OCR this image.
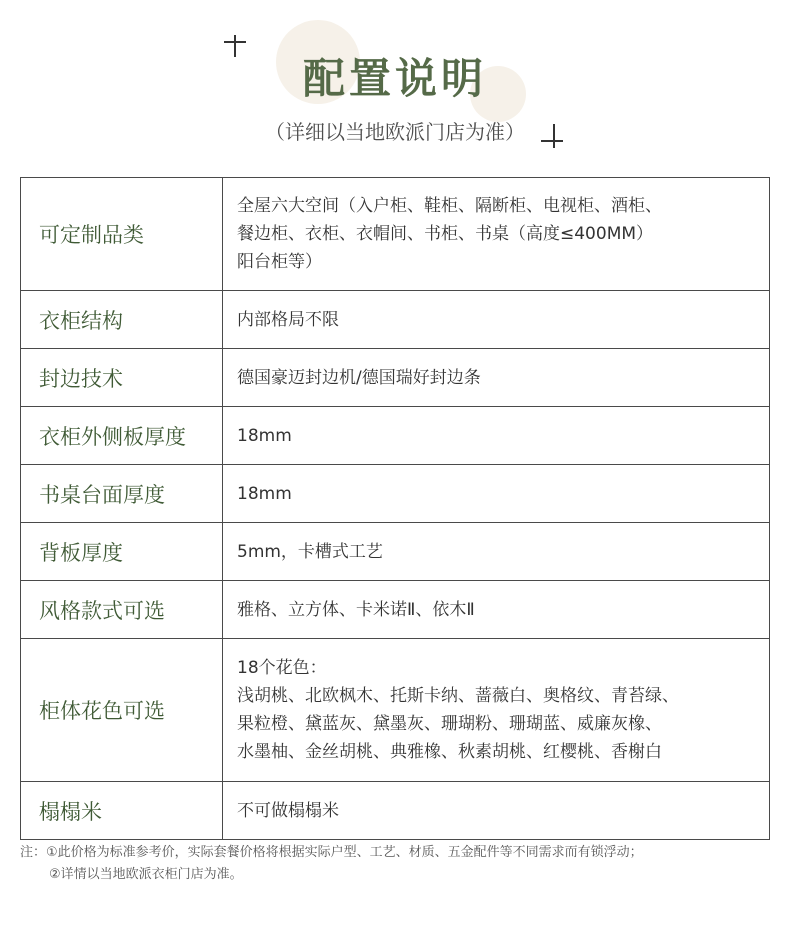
配置说明
（详细以当地欧派门店为准）
可定制品类	全屋六大空间（入户柜、鞋柜、隔断柜、电视柜、酒柜、
餐边柜、衣柜、衣帽间、书柜、书桌（高度≤400MM）
阳台柜等）

衣柜结构	内部格局不限

封边技术	德国豪迈封边机/德国瑞好封边条

衣柜外侧板厚度	18mm

书桌台面厚度	18mm

背板厚度	5mm，卡槽式工艺

风格款式可选	雅格、立方体、卡米诺Ⅱ、依木Ⅱ

柜体花色可选	18个花色：
浅胡桃、北欧枫木、托斯卡纳、蔷薇白、奥格纹、青苔绿、
果粒橙、黛蓝灰、黛墨灰、珊瑚粉、珊瑚蓝、威廉灰橡、
水墨柚、金丝胡桃、典雅橡、秋素胡桃、红樱桃、香榭白

榻榻米	不可做榻榻米
注：①此价格为标准参考价，实际套餐价格将根据实际户型、工艺、材质、五金配件等不同需求而有锁浮动；
②详情以当地欧派衣柜门店为准。
